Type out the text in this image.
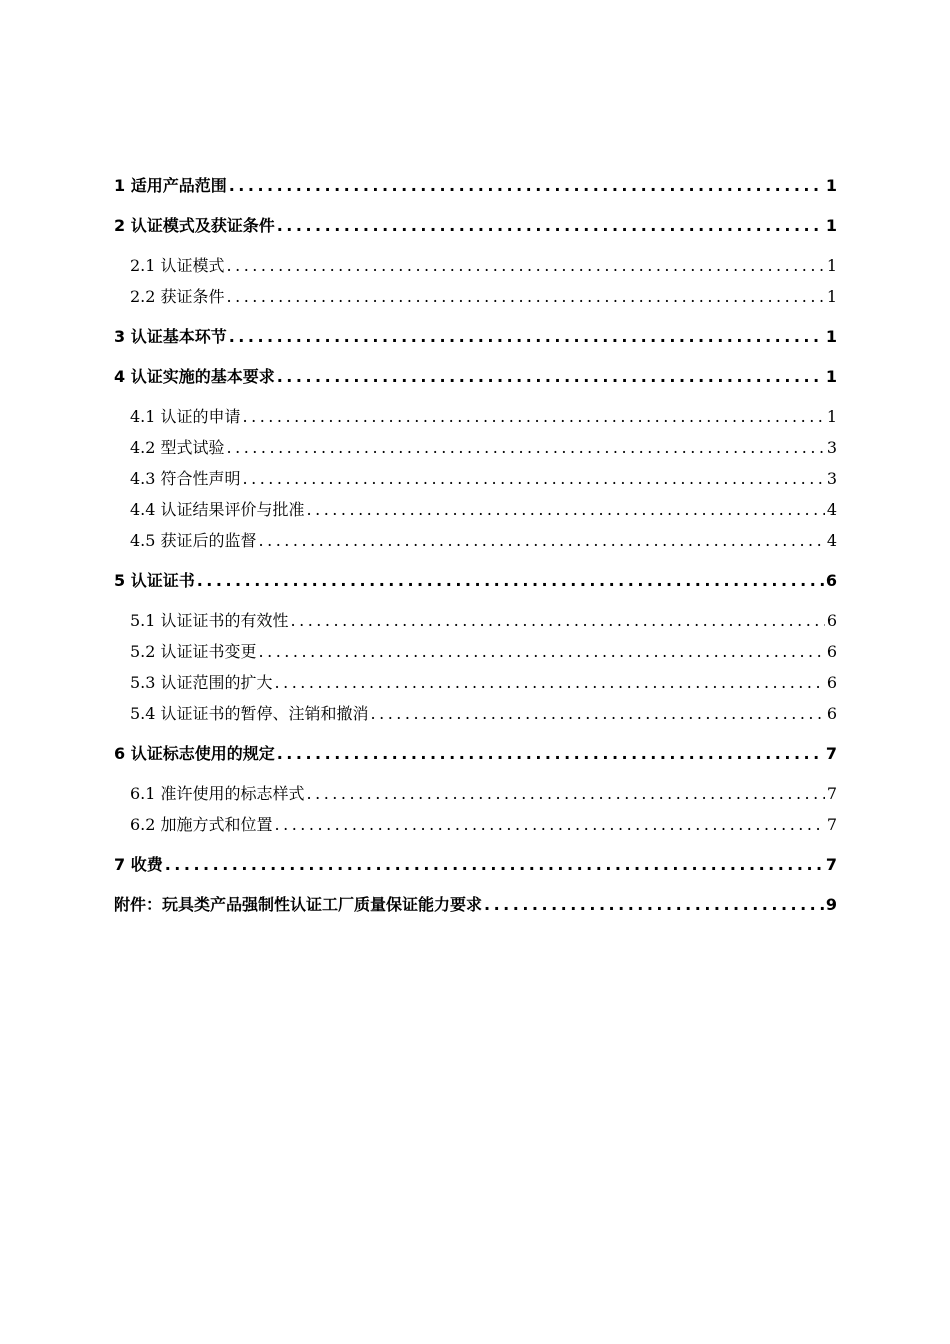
1 适用产品范围 .....	1
2 认证模式及获证条件 .....	1
2.1 认证模式 .....	1
2.2 获证条件 .....	1
3 认证基本环节 .....	1
4 认证实施的基本要求 .....	1
4.1 认证的申请 .....	1
4.2 型式试验 .....	3
4.3 符合性声明 .....	3
4.4 认证结果评价与批准 .....	4
4.5 获证后的监督 .....	4
5 认证证书 .....	6
5.1 认证证书的有效性 .....	6
5.2 认证证书变更 .....	6
5.3 认证范围的扩大 .....	6
5.4 认证证书的暂停、注销和撤消 .....	6
6 认证标志使用的规定 .....	7
6.1 准许使用的标志样式 .....	7
6.2 加施方式和位置 .....	7
7 收费 .....	7
附件：玩具类产品强制性认证工厂质量保证能力要求 .....	9
